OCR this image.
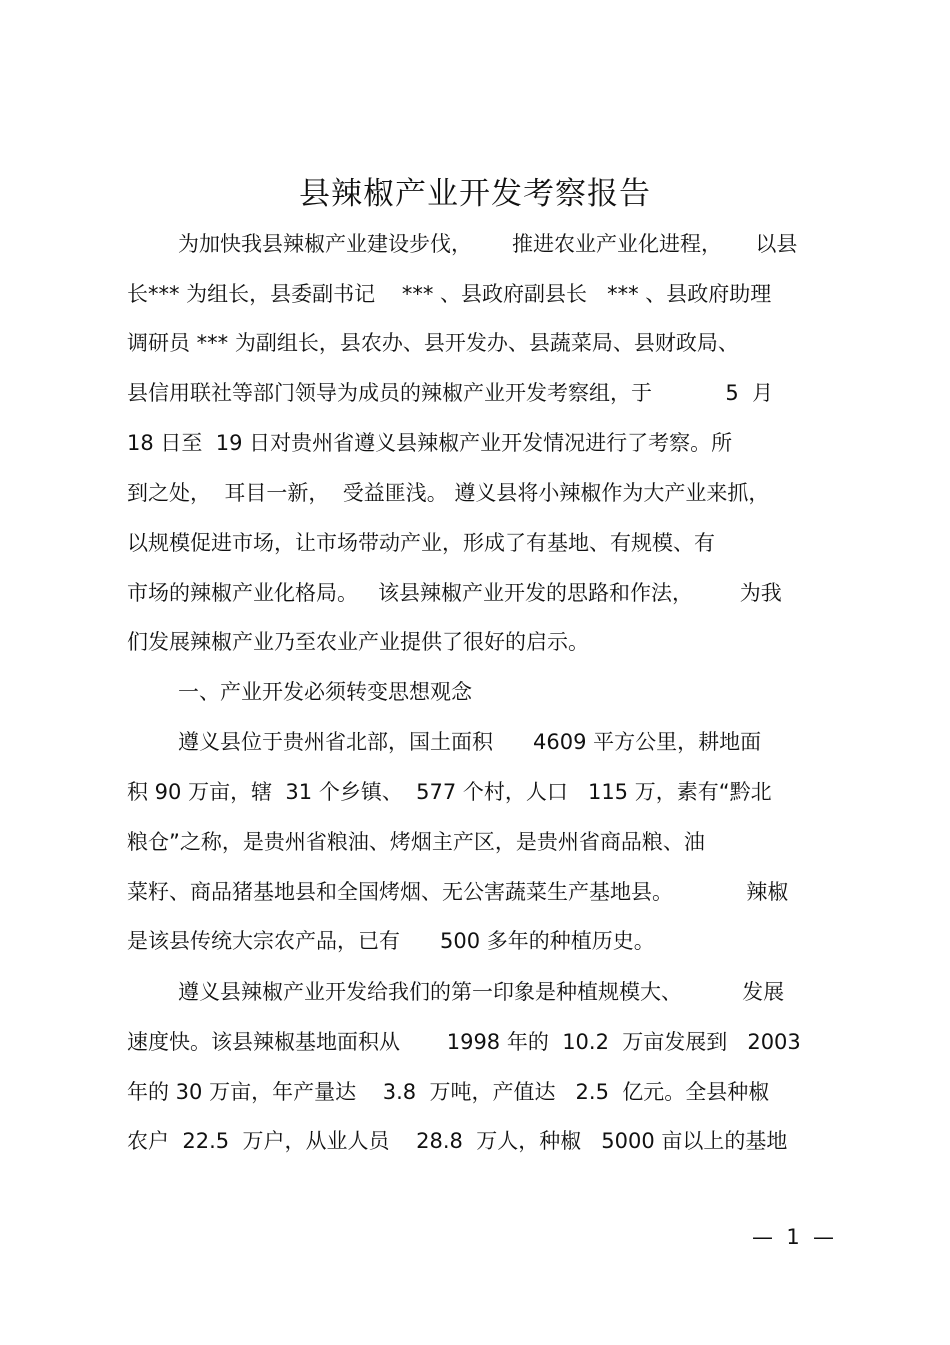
县辣椒产业开发考察报告
为加快我县辣椒产业建设步伐，      推进农业产业化进程，     以县
长*** 为组长，县委副书记    *** 、县政府副县长   *** 、县政府助理
调研员 *** 为副组长，县农办、县开发办、县蔬菜局、县财政局、
县信用联社等部门领导为成员的辣椒产业开发考察组，于           5  月
18 日至  19 日对贵州省遵义县辣椒产业开发情况进行了考察。所
到之处，  耳目一新，  受益匪浅。 遵义县将小辣椒作为大产业来抓，
以规模促进市场，让市场带动产业，形成了有基地、有规模、有
市场的辣椒产业化格局。   该县辣椒产业开发的思路和作法，       为我
们发展辣椒产业乃至农业产业提供了很好的启示。
一、产业开发必须转变思想观念
遵义县位于贵州省北部，国土面积      4609 平方公里，耕地面
积 90 万亩，辖  31 个乡镇、  577 个村，人口   115 万，素有“黔北
粮仓”之称，是贵州省粮油、烤烟主产区，是贵州省商品粮、油
菜籽、商品猪基地县和全国烤烟、无公害蔬菜生产基地县。           辣椒
是该县传统大宗农产品，已有      500 多年的种植历史。
遵义县辣椒产业开发给我们的第一印象是种植规模大、         发展
速度快。该县辣椒基地面积从       1998 年的  10.2  万亩发展到   2003
年的 30 万亩，年产量达    3.8  万吨，产值达   2.5  亿元。全县种椒
农户  22.5  万户，从业人员    28.8  万人，种椒   5000 亩以上的基地
—  1  —
